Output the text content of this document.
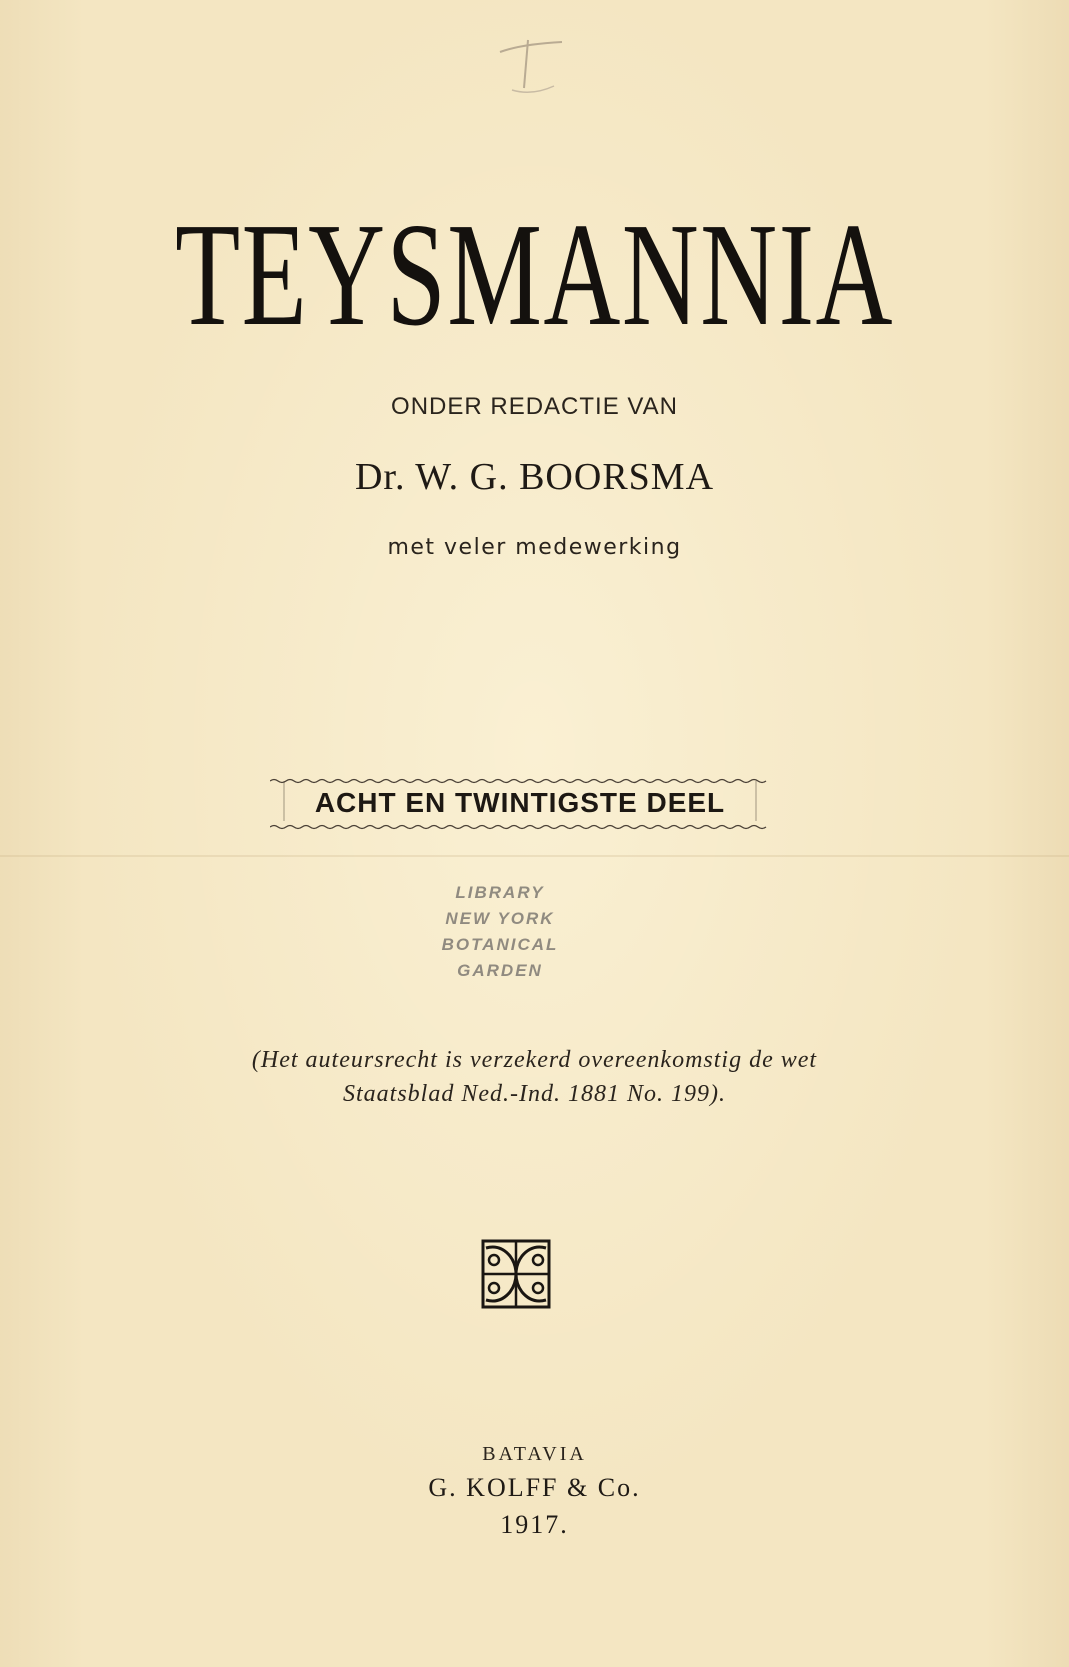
TEYSMANNIA
ONDER REDACTIE VAN
Dr. W. G. BOORSMA
met veler medewerking
ACHT EN TWINTIGSTE DEEL
LIBRARY
NEW YORK
BOTANICAL
GARDEN
(Het auteursrecht is verzekerd overeenkomstig de wet
Staatsblad Ned.-Ind. 1881 No. 199).
BATAVIA
G. KOLFF & Co.
1917.
